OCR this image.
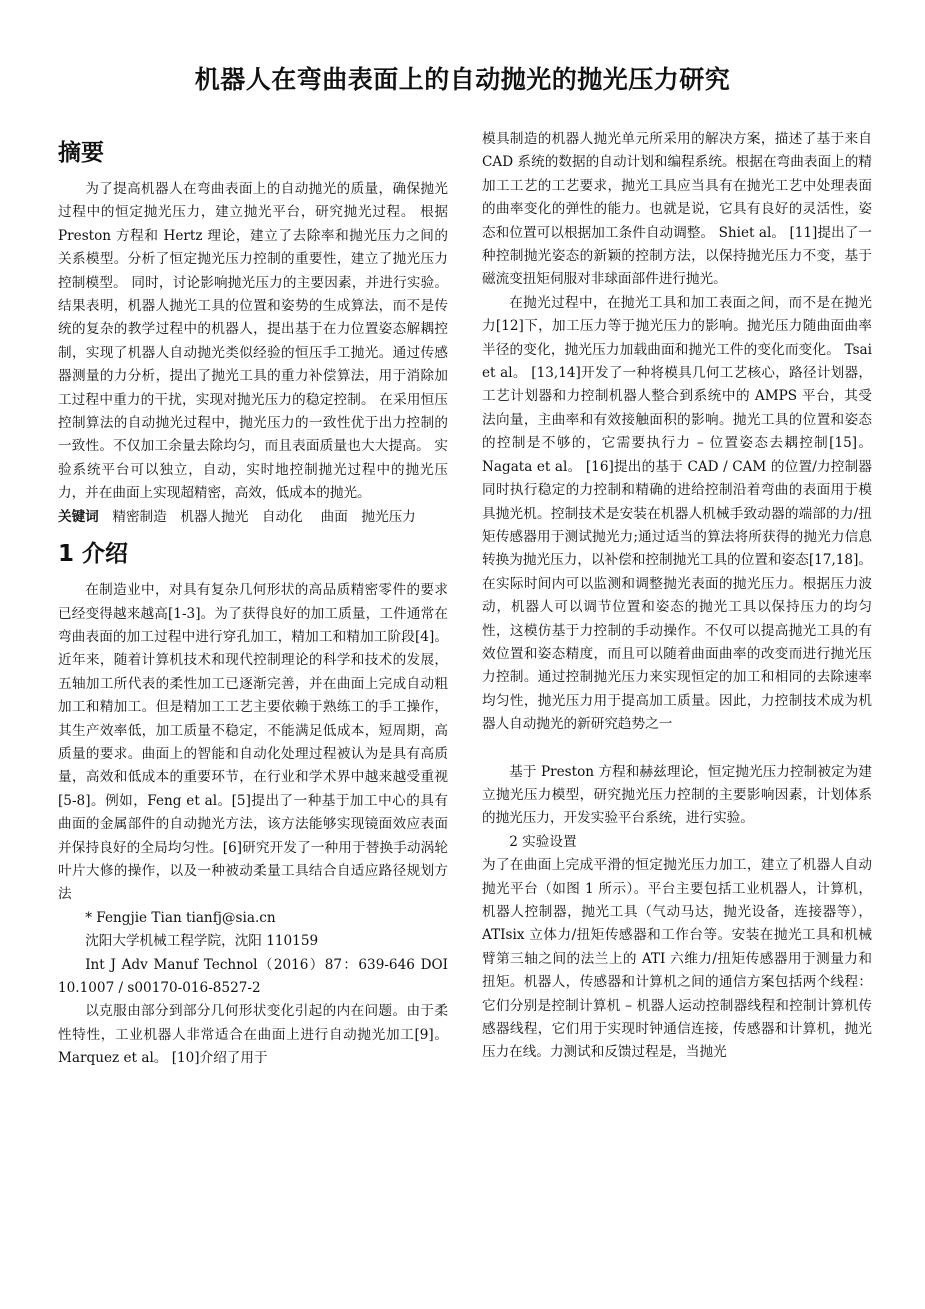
机器人在弯曲表面上的自动抛光的抛光压力研究
摘要

为了提高机器人在弯曲表面上的自动抛光的质量，确保抛光过程中的恒定抛光压力，建立抛光平台，研究抛光过程。 根据 Preston 方程和 Hertz 理论，建立了去除率和抛光压力之间的关系模型。分析了恒定抛光压力控制的重要性，建立了抛光压力控制模型。 同时，讨论影响抛光压力的主要因素，并进行实验。结果表明，机器人抛光工具的位置和姿势的生成算法，而不是传统的复杂的教学过程中的机器人，提出基于在力位置姿态解耦控制，实现了机器人自动抛光类似经验的恒压手工抛光。通过传感器测量的力分析，提出了抛光工具的重力补偿算法，用于消除加工过程中重力的干扰，实现对抛光压力的稳定控制。 在采用恒压控制算法的自动抛光过程中，抛光压力的一致性优于出力控制的一致性。不仅加工余量去除均匀，而且表面质量也大大提高。 实验系统平台可以独立，自动，实时地控制抛光过程中的抛光压力，并在曲面上实现超精密，高效，低成本的抛光。

关键词　 精密制造　机器人抛光　自动化　 曲面　抛光压力

1 介绍

在制造业中，对具有复杂几何形状的高品质精密零件的要求已经变得越来越高[1-3]。为了获得良好的加工质量，工件通常在弯曲表面的加工过程中进行穿孔加工，精加工和精加工阶段[4]。近年来，随着计算机技术和现代控制理论的科学和技术的发展，五轴加工所代表的柔性加工已逐渐完善，并在曲面上完成自动粗加工和精加工。但是精加工工艺主要依赖于熟练工的手工操作，其生产效率低，加工质量不稳定，不能满足低成本，短周期，高质量的要求。曲面上的智能和自动化处理过程被认为是具有高质量，高效和低成本的重要环节，在行业和学术界中越来越受重视[5-8]。例如，Feng et al。[5]提出了一种基于加工中心的具有曲面的金属部件的自动抛光方法，该方法能够实现镜面效应表面并保持良好的全局均匀性。[6]研究开发了一种用于替换手动涡轮叶片大修的操作，以及一种被动柔量工具结合自适应路径规划方法

* Fengjie Tian tianfj@sia.cn

沈阳大学机械工程学院，沈阳 110159

Int J Adv Manuf Technol（2016）87：639-646 DOI 10.1007 / s00170-016-8527-2

以克服由部分到部分几何形状变化引起的内在问题。由于柔性特性，工业机器人非常适合在曲面上进行自动抛光加工[9]。 Marquez et al。 [10]介绍了用于

模具制造的机器人抛光单元所采用的解决方案，描述了基于来自 CAD 系统的数据的自动计划和编程系统。根据在弯曲表面上的精加工工艺的工艺要求，抛光工具应当具有在抛光工艺中处理表面的曲率变化的弹性的能力。也就是说，它具有良好的灵活性，姿态和位置可以根据加工条件自动调整。 Shiet al。 [11]提出了一种控制抛光姿态的新颖的控制方法，以保持抛光压力不变，基于磁流变扭矩伺服对非球面部件进行抛光。

在抛光过程中，在抛光工具和加工表面之间，而不是在抛光力[12]下，加工压力等于抛光压力的影响。抛光压力随曲面曲率半径的变化，抛光压力加载曲面和抛光工件的变化而变化。 Tsai et al。 [13,14]开发了一种将模具几何工艺核心，路径计划器，工艺计划器和力控制机器人整合到系统中的 AMPS 平台，其受法向量，主曲率和有效接触面积的影响。抛光工具的位置和姿态的控制是不够的，它需要执行力 – 位置姿态去耦控制[15]。 Nagata et al。 [16]提出的基于 CAD / CAM 的位置/力控制器同时执行稳定的力控制和精确的进给控制沿着弯曲的表面用于模具抛光机。控制技术是安装在机器人机械手致动器的端部的力/扭矩传感器用于测试抛光力;通过适当的算法将所获得的抛光力信息转换为抛光压力，以补偿和控制抛光工具的位置和姿态[17,18]。在实际时间内可以监测和调整抛光表面的抛光压力。根据压力波动，机器人可以调节位置和姿态的抛光工具以保持压力的均匀性，这模仿基于力控制的手动操作。不仅可以提高抛光工具的有效位置和姿态精度，而且可以随着曲面曲率的改变而进行抛光压力控制。通过控制抛光压力来实现恒定的加工和相同的去除速率均匀性，抛光压力用于提高加工质量。因此，力控制技术成为机器人自动抛光的新研究趋势之一

基于 Preston 方程和赫兹理论，恒定抛光压力控制被定为建立抛光压力模型，研究抛光压力控制的主要影响因素，计划体系的抛光压力，开发实验平台系统，进行实验。

2 实验设置

为了在曲面上完成平滑的恒定抛光压力加工，建立了机器人自动抛光平台（如图 1 所示）。平台主要包括工业机器人，计算机，机器人控制器，抛光工具（气动马达，抛光设备，连接器等），ATIsix 立体力/扭矩传感器和工作台等。安装在抛光工具和机械臂第三轴之间的法兰上的 ATI 六维力/扭矩传感器用于测量力和扭矩。机器人，传感器和计算机之间的通信方案包括两个线程：它们分别是控制计算机 – 机器人运动控制器线程和控制计算机传感器线程，它们用于实现时钟通信连接，传感器和计算机，抛光压力在线。力测试和反馈过程是，当抛光
